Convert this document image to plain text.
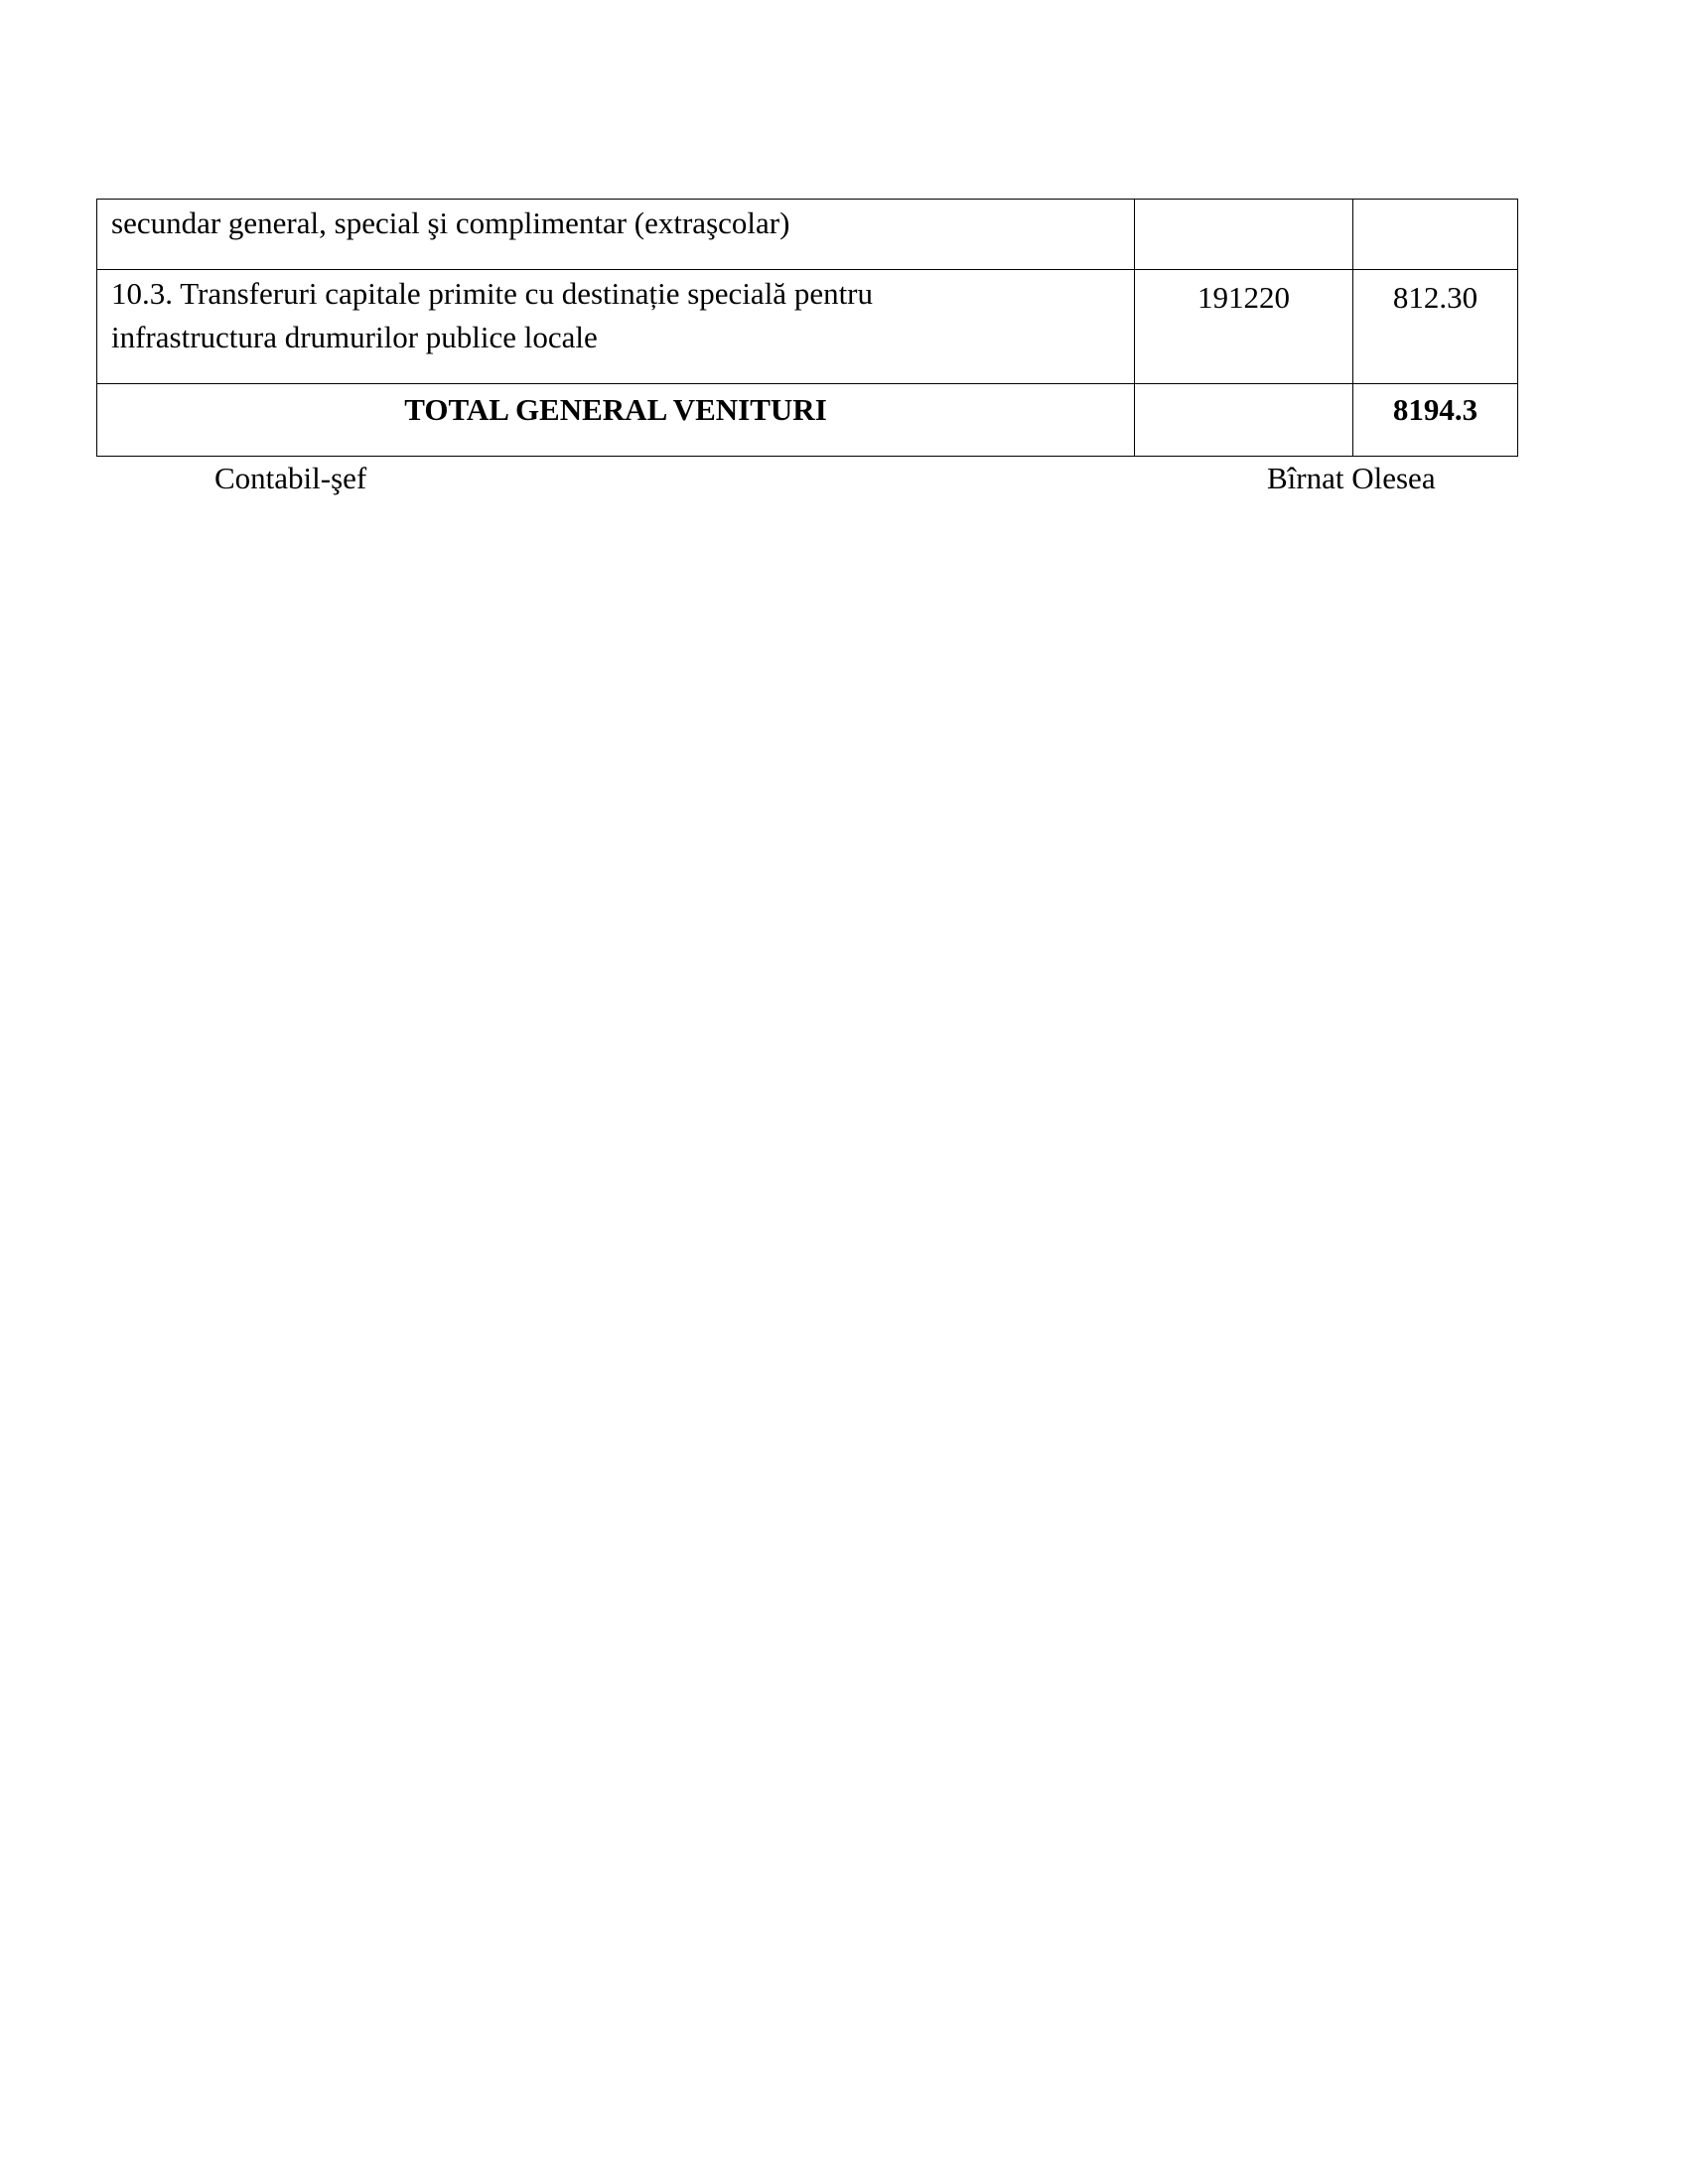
secundar general, special şi complimentar (extraşcolar)		

10.3. Transferuri capitale primite cu destinație specială pentru
infrastructura drumurilor publice locale	191220	812.30
TOTAL GENERAL VENITURI		8194.3
Contabil-şef	Bîrnat Olesea
